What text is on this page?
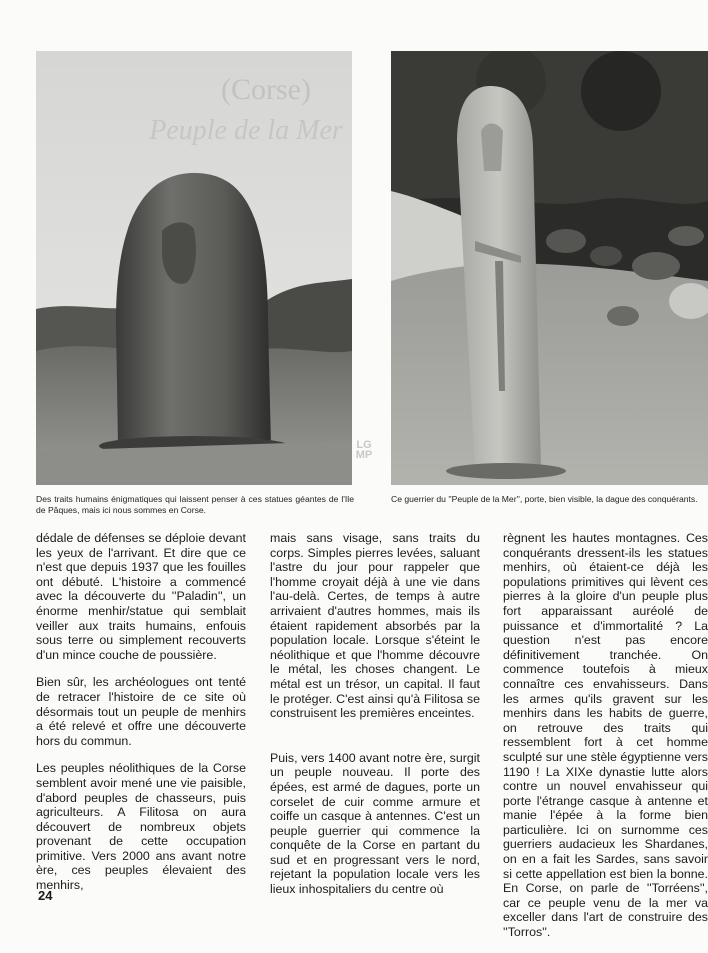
(Corse)
Peuple de la Mer
LG
MP
Des traits humains énigmatiques qui laissent penser à ces statues géantes de l'Ile de Pâques, mais ici nous sommes en Corse.
Ce guerrier du ''Peuple de la Mer'', porte, bien visible, la dague des conquérants.

dédale de défenses se déploie devant les yeux de l'arrivant. Et dire que ce n'est que depuis 1937 que les fouilles ont débuté. L'histoire a commencé avec la découverte du ''Paladin'', un énorme menhir/statue qui semblait veiller aux traits humains, enfouis sous terre ou simplement recouverts d'un mince couche de poussière.

Bien sûr, les archéologues ont tenté de retracer l'histoire de ce site où désormais tout un peuple de menhirs a été relevé et offre une découverte hors du commun.

Les peuples néolithiques de la Corse semblent avoir mené une vie paisible, d'abord peuples de chasseurs, puis agriculteurs. A Filitosa on aura découvert de nombreux objets provenant de cette occupation primitive. Vers 2000 ans avant notre ère, ces peuples élevaient des menhirs,

mais sans visage, sans traits du corps. Simples pierres levées, saluant l'astre du jour pour rappeler que l'homme croyait déjà à une vie dans l'au-delà. Certes, de temps à autre arrivaient d'autres hommes, mais ils étaient rapidement absorbés par la population locale. Lorsque s'éteint le néolithique et que l'homme découvre le métal, les choses changent. Le métal est un trésor, un capital. Il faut le protéger. C'est ainsi qu'à Filitosa se construisent les premières enceintes.

Puis, vers 1400 avant notre ère, surgit un peuple nouveau. Il porte des épées, est armé de dagues, porte un corselet de cuir comme armure et coiffe un casque à antennes. C'est un peuple guerrier qui commence la conquête de la Corse en partant du sud et en progressant vers le nord, rejetant la population locale vers les lieux inhospitaliers du centre où

règnent les hautes montagnes. Ces conquérants dressent-ils les statues menhirs, où étaient-ce déjà les populations primitives qui lèvent ces pierres à la gloire d'un peuple plus fort apparaissant auréolé de puissance et d'immortalité ? La question n'est pas encore définitivement tranchée. On commence toutefois à mieux connaître ces envahisseurs. Dans les armes qu'ils gravent sur les menhirs dans les habits de guerre, on retrouve des traits qui ressemblent fort à cet homme sculpté sur une stèle égyptienne vers 1190 ! La XIXe dynastie lutte alors contre un nouvel envahisseur qui porte l'étrange casque à antenne et manie l'épée à la forme bien particulière. Ici on surnomme ces guerriers audacieux les Shardanes, on en a fait les Sardes, sans savoir si cette appellation est bien la bonne. En Corse, on parle de ''Torréens'', car ce peuple venu de la mer va exceller dans l'art de construire des ''Torros''.

24
